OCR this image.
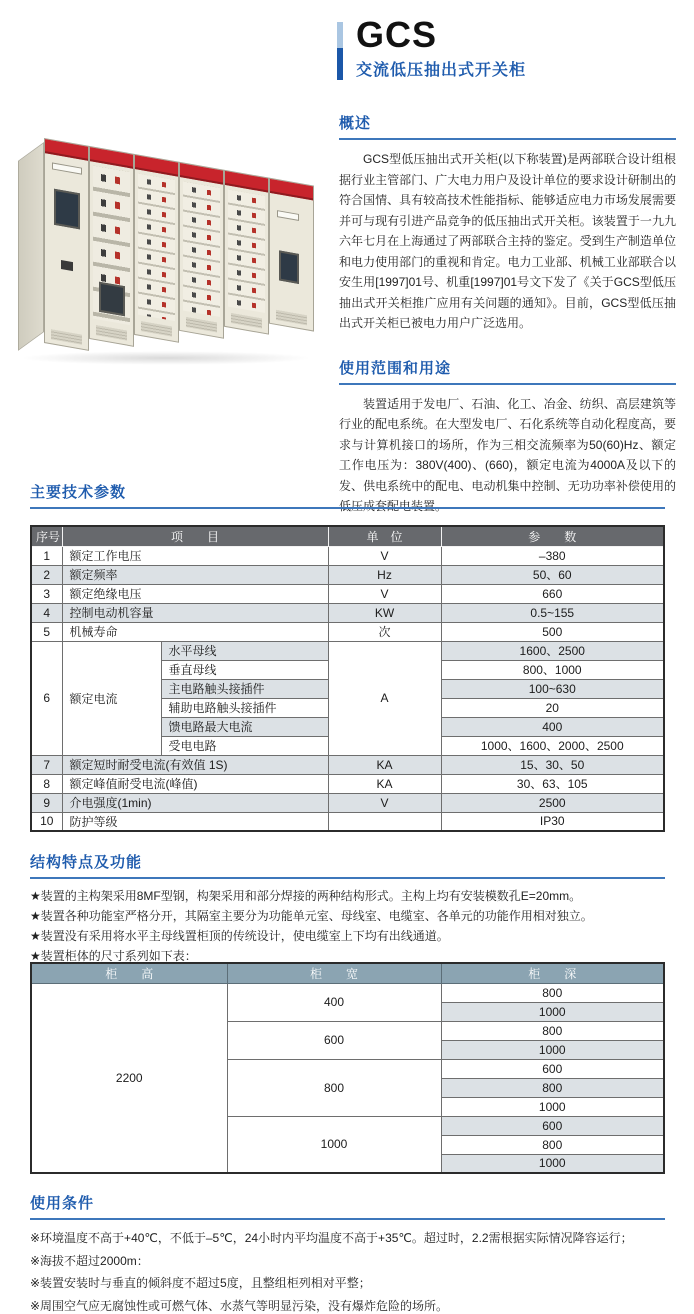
GCS
交流低压抽出式开关柜
概述

GCS型低压抽出式开关柜(以下称装置)是两部联合设计组根据行业主管部门、广大电力用户及设计单位的要求设计研制出的符合国情、具有较高技术性能指标、能够适应电力市场发展需要并可与现有引进产品竞争的低压抽出式开关柜。该装置于一九九六年七月在上海通过了两部联合主持的鉴定。受到生产制造单位和电力使用部门的重视和肯定。电力工业部、机械工业部联合以安生用[1997]01号、机重[1997]01号文下发了《关于GCS型低压抽出式开关柜推广应用有关问题的通知》。目前，GCS型低压抽出式开关柜已被电力用户广泛选用。

使用范围和用途

装置适用于发电厂、石油、化工、冶金、纺织、高层建筑等行业的配电系统。在大型发电厂、石化系统等自动化程度高，要求与计算机接口的场所，作为三相交流频率为50(60)Hz、额定工作电压为：380V(400)、(660)，额定电流为4000A及以下的发、供电系统中的配电、电动机集中控制、无功功率补偿使用的低压成套配电装置。

主要技术参数
序号	项　　目		单　位	参　　数
1	额定工作电压		V	–380
2	额定频率		Hz	50、60
3	额定绝缘电压		V	660
4	控制电动机容量		KW	0.5~155
5	机械寿命		次	500
6	额定电流	水平母线	A	1600、2500
		垂直母线		800、1000
		主电路触头接插件		100~630
		辅助电路触头接插件		20
		馈电路最大电流		400
		受电电路		1000、1600、2000、2500
7	额定短时耐受电流(有效值 1S)		KA	15、30、50
8	额定峰值耐受电流(峰值)		KA	30、63、105
9	介电强度(1min)		V	2500
10	防护等级			IP30
结构特点及功能
★装置的主构架采用8MF型钢，构架采用和部分焊接的两种结构形式。主构上均有安装模数孔E=20mm。
★装置各种功能室严格分开，其隔室主要分为功能单元室、母线室、电缆室、各单元的功能作用相对独立。
★装置没有采用将水平主母线置柜顶的传统设计，使电缆室上下均有出线通道。
★装置柜体的尺寸系列如下表：
柜　　高	柜　　宽	柜　　深
2200	400	800
		1000
	600	800
		1000
	800	600
		800
		1000
	1000	600
		800
		1000
使用条件
※环境温度不高于+40℃，不低于–5℃，24小时内平均温度不高于+35℃。超过时，2.2需根据实际情况降容运行；
※海拔不超过2000m：
※装置安装时与垂直的倾斜度不超过5度，且整组柜列相对平整；
※周围空气应无腐蚀性或可燃气体、水蒸气等明显污染，没有爆炸危险的场所。
